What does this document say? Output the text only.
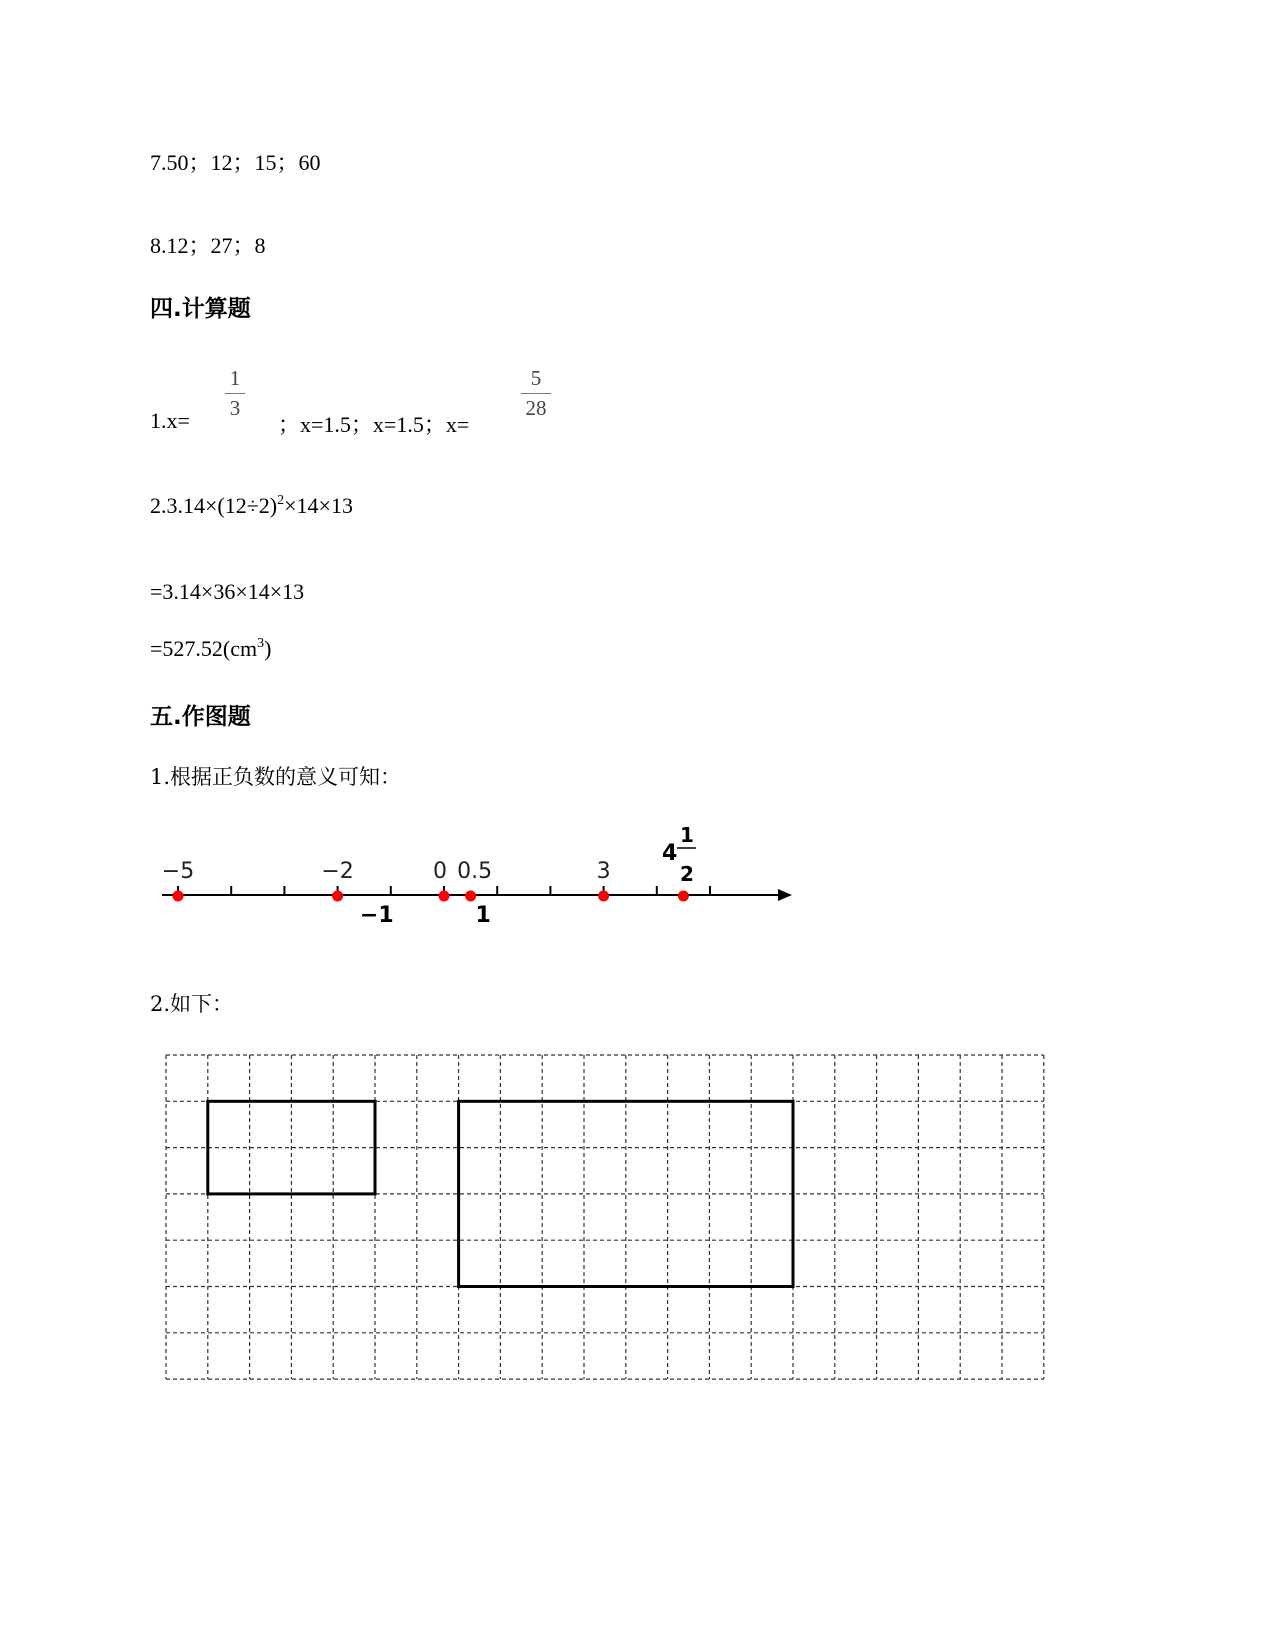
7.50；12；15；60
8.12；27；8
四.计算题
1.x=
1
3
；x=1.5；x=1.5；x=
5
28
$2.3.14\times(12\div 2)^2\times 14\times 13$
=3.14×36×14×13
$=527.52(cm^3)$
五.作图题
1.根据正负数的意义可知：
−5	−2	0 0.5	3
−1	1
4
1
2
2.如下：
